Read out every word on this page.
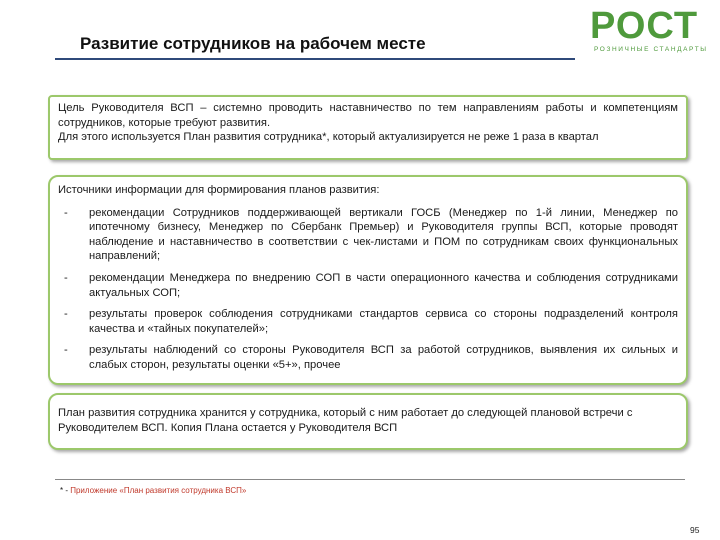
Развитие сотрудников на рабочем месте	РОСТ
РОЗНИЧНЫЕ СТАНДАРТЫ
Цель Руководителя ВСП – системно проводить наставничество по тем направлениям работы и компетенциям сотрудников, которые требуют развития.
Для этого используется План развития сотрудника*, который актуализируется не реже 1 раза в квартал
Источники информации для формирования планов развития:
-	рекомендации Сотрудников поддерживающей вертикали ГОСБ (Менеджер по 1-й линии, Менеджер по ипотечному бизнесу, Менеджер по Сбербанк Премьер) и Руководителя группы ВСП, которые проводят наблюдение и наставничество в соответствии с чек-листами и ПОМ по сотрудникам своих функциональных направлений;
-	рекомендации Менеджера по внедрению СОП в части операционного качества и соблюдения сотрудниками актуальных СОП;
-	результаты проверок соблюдения сотрудниками стандартов сервиса со стороны подразделений контроля качества и «тайных покупателей»;
-	результаты наблюдений со стороны Руководителя ВСП за работой сотрудников, выявления их сильных и слабых сторон, результаты оценки «5+», прочее
План развития сотрудника хранится у сотрудника, который с ним работает до следующей плановой встречи с Руководителем ВСП. Копия Плана остается у Руководителя ВСП
* - Приложение «План развития сотрудника ВСП»
95
